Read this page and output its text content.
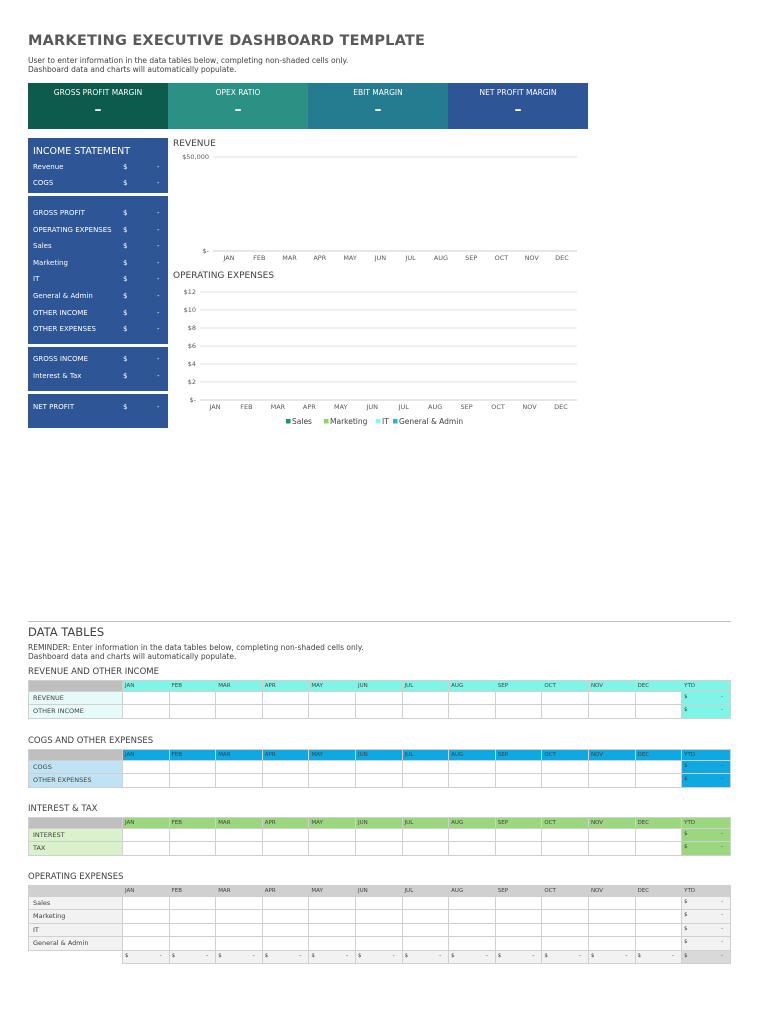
MARKETING EXECUTIVE DASHBOARD TEMPLATE
User to enter information in the data tables below, completing non-shaded cells only.
Dashboard data and charts will automatically populate.
GROSS PROFIT MARGIN
–
OPEX RATIO
–
EBIT MARGIN
–
NET PROFIT MARGIN
–
INCOME STATEMENT
Revenue	$	-
COGS	$	-
GROSS PROFIT	$	-
OPERATING EXPENSES $	-
Sales	$	-
Marketing	$	-
IT	$	-
General & Admin	$	-
OTHER INCOME	$	-
OTHER EXPENSES	$	-
GROSS INCOME	$	-
Interest & Tax	$	-
NET PROFIT	$	-
REVENUE
$50,000
$-
JAN	FEB	MAR	APR	MAY	JUN	JUL	AUG	SEP	OCT	NOV	DEC
OPERATING EXPENSES
$12
$10
$8
$6
$4
$2
$-
JAN	FEB	MAR	APR	MAY	JUN	JUL	AUG	SEP	OCT	NOV	DEC
Sales Marketing IT General & Admin
DATA TABLES
REMINDER: Enter information in the data tables below, completing non-shaded cells only.
Dashboard data and charts will automatically populate.
REVENUE AND OTHER INCOME
	JAN	FEB	MAR	APR	MAY	JUN	JUL	AUG	SEP	OCT	NOV	DEC	YTD
REVENUE													$ -

OTHER INCOME													$ -
COGS AND OTHER EXPENSES
	JAN	FEB	MAR	APR	MAY	JUN	JUL	AUG	SEP	OCT	NOV	DEC	YTD
COGS													$ -

OTHER EXPENSES													$ -
INTEREST & TAX
	JAN	FEB	MAR	APR	MAY	JUN	JUL	AUG	SEP	OCT	NOV	DEC	YTD
INTEREST													$ -

TAX													$ -
OPERATING EXPENSES
	JAN	FEB	MAR	APR	MAY	JUN	JUL	AUG	SEP	OCT	NOV	DEC	YTD
Sales													$ -

Marketing													$ -

IT													$ -

General & Admin													$ -

	$ -	$ -	$ -	$ -	$ -	$ -	$ -	$ -	$ -	$ -	$ -	$ -	$ -
